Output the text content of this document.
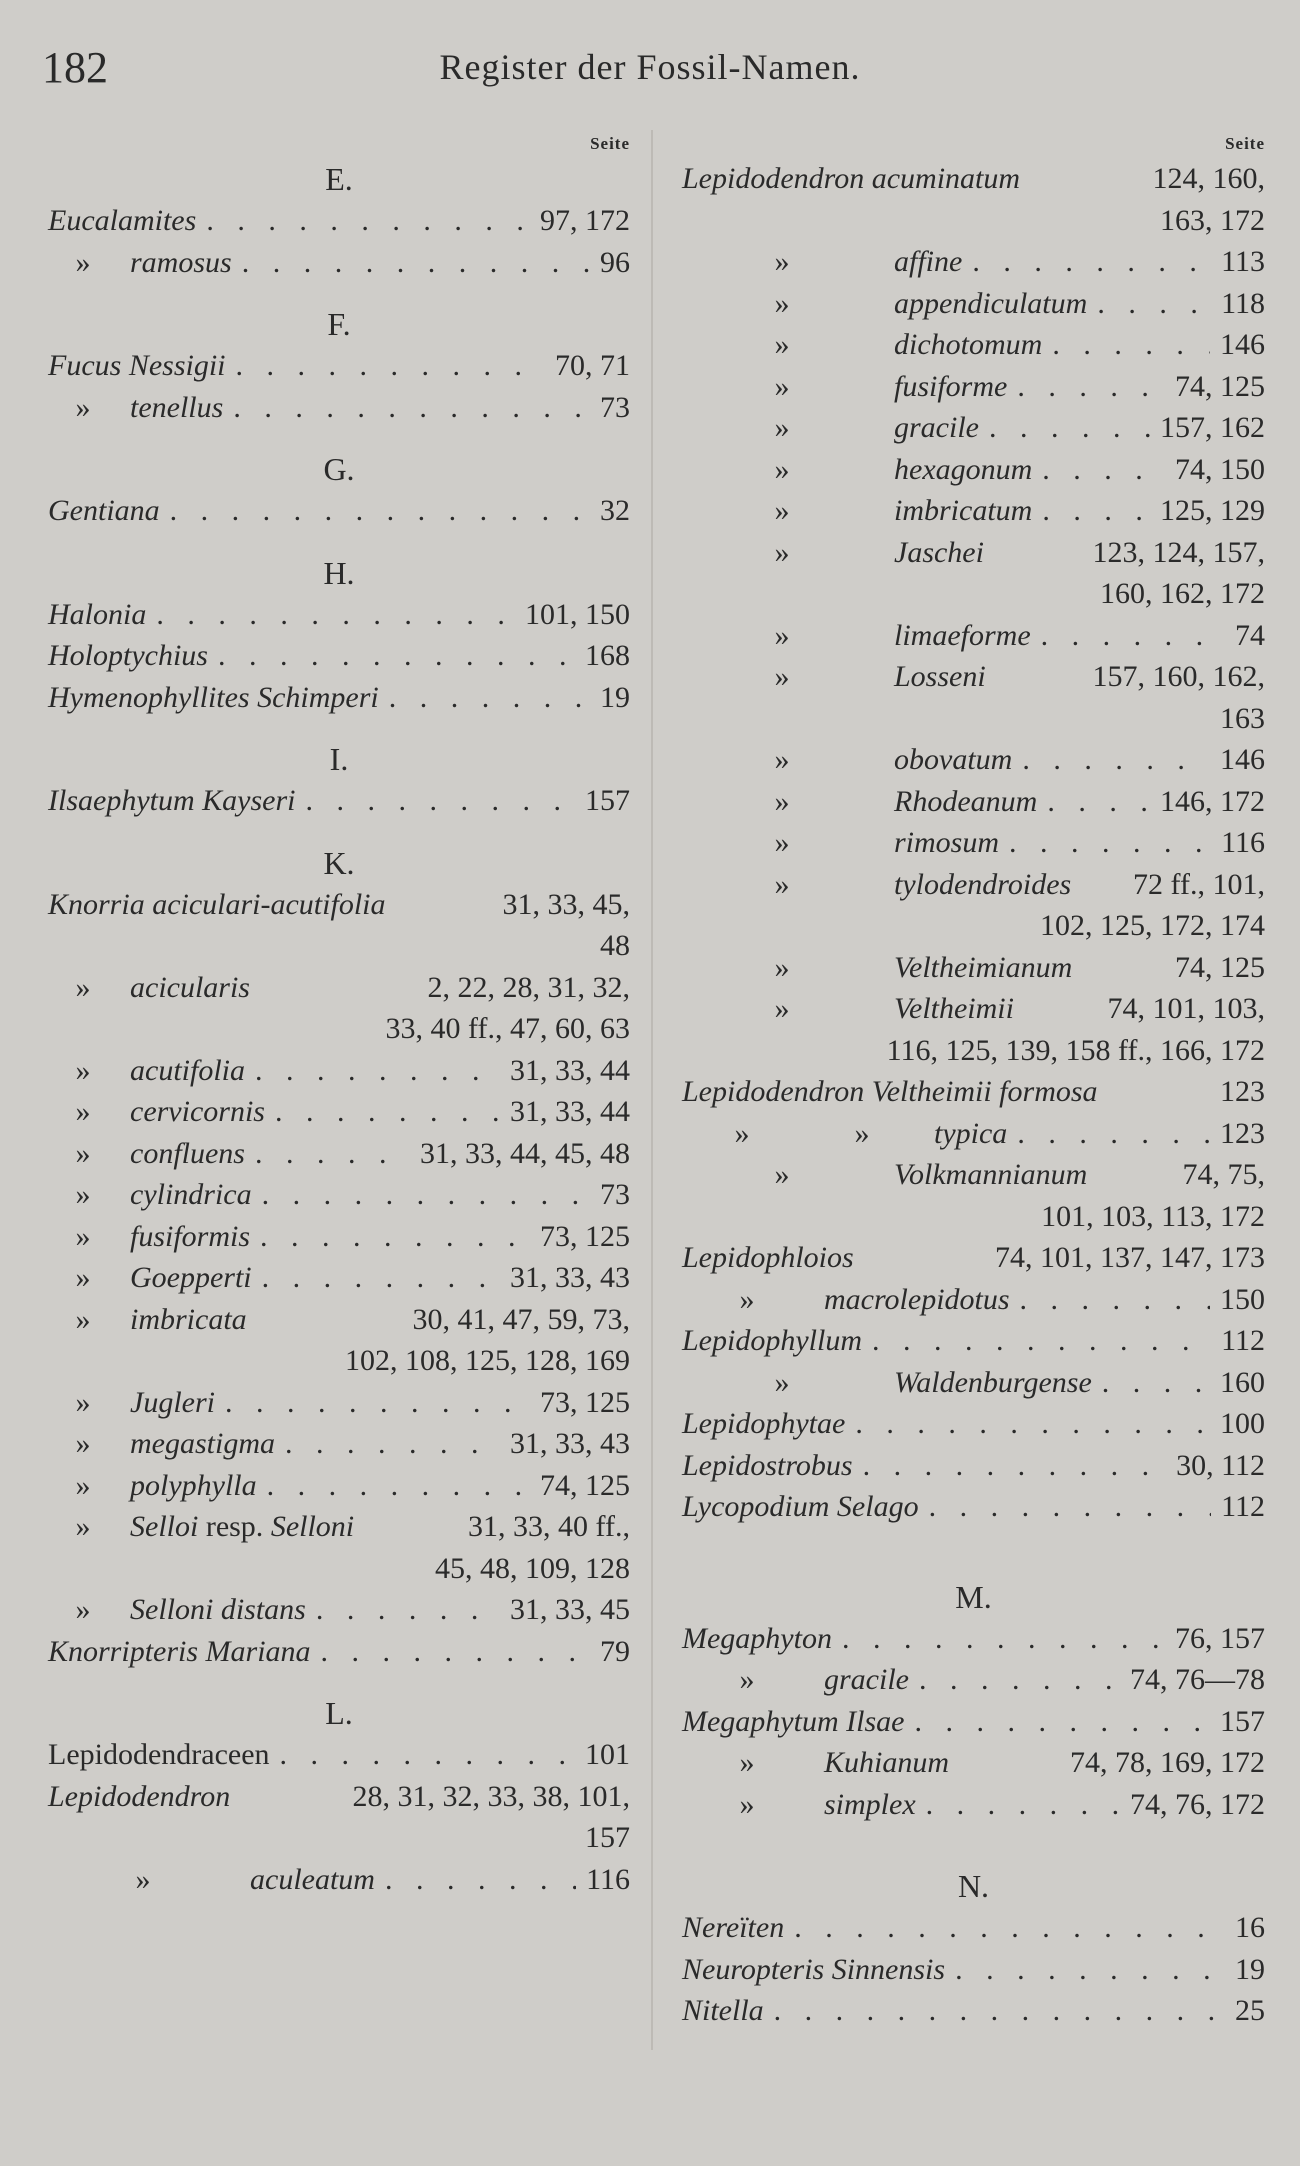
182	Register der Fossil-Namen.
Seite
E.
Eucalamites . . .	97, 172
»	ramosus . . .	96
F.
Fucus Nessigii . . .	70, 71
»	tenellus . . .	73
G.
Gentiana . . .	32
H.
Halonia . . .	101, 150
Holoptychius . . .	168
Hymenophyllites Schimperi . . .	19
I.
Ilsaephytum Kayseri . . .	157
K.
Knorria aciculari-acutifolia	31, 33, 45,
48
»	acicularis	2, 22, 28, 31, 32,
33, 40 ff., 47, 60, 63
»	acutifolia . . .	31, 33, 44
»	cervicornis . . .	31, 33, 44
»	confluens . . .	31, 33, 44, 45, 48
»	cylindrica . . .	73
»	fusiformis . . .	73, 125
»	Goepperti . . .	31, 33, 43
»	imbricata	30, 41, 47, 59, 73,
102, 108, 125, 128, 169
»	Jugleri . . .	73, 125
»	megastigma . . .	31, 33, 43
»	polyphylla . . .	74, 125
»	Selloi resp. Selloni	31, 33, 40 ff.,
45, 48, 109, 128
»	Selloni distans . . .	31, 33, 45
Knorripteris Mariana . . .	79
L.
Lepidodendraceen . . .	101
Lepidodendron	28, 31, 32, 33, 38, 101,
157
»	aculeatum . . .	116
Seite
Lepidodendron acuminatum	124, 160,
163, 172
»	affine . . .	113
»	appendiculatum . . .	118
»	dichotomum . . .	146
»	fusiforme . . .	74, 125
»	gracile . . .	157, 162
»	hexagonum . . .	74, 150
»	imbricatum . . .	125, 129
»	Jaschei	123, 124, 157,
160, 162, 172
»	limaeforme . . .	74
»	Losseni	157, 160, 162,
163
»	obovatum . . .	146
»	Rhodeanum . . .	146, 172
»	rimosum . . .	116
»	tylodendroides	72 ff., 101,
102, 125, 172, 174
»	Veltheimianum	74, 125
»	Veltheimii	74, 101, 103,
116, 125, 139, 158 ff., 166, 172
Lepidodendron Veltheimii formosa	123
»	»	typica . . .	123
»	Volkmannianum	74, 75,
101, 103, 113, 172
Lepidophloios	74, 101, 137, 147, 173
»	macrolepidotus . . .	150
Lepidophyllum . . .	112
»	Waldenburgense . . .	160
Lepidophytae . . .	100
Lepidostrobus . . .	30, 112
Lycopodium Selago . . .	112
M.
Megaphyton . . .	76, 157
»	gracile . . .	74, 76—78
Megaphytum Ilsae . . .	157
»	Kuhianum	74, 78, 169, 172
»	simplex . . .	74, 76, 172
N.
Nereïten . . .	16
Neuropteris Sinnensis . . .	19
Nitella . . .	25
